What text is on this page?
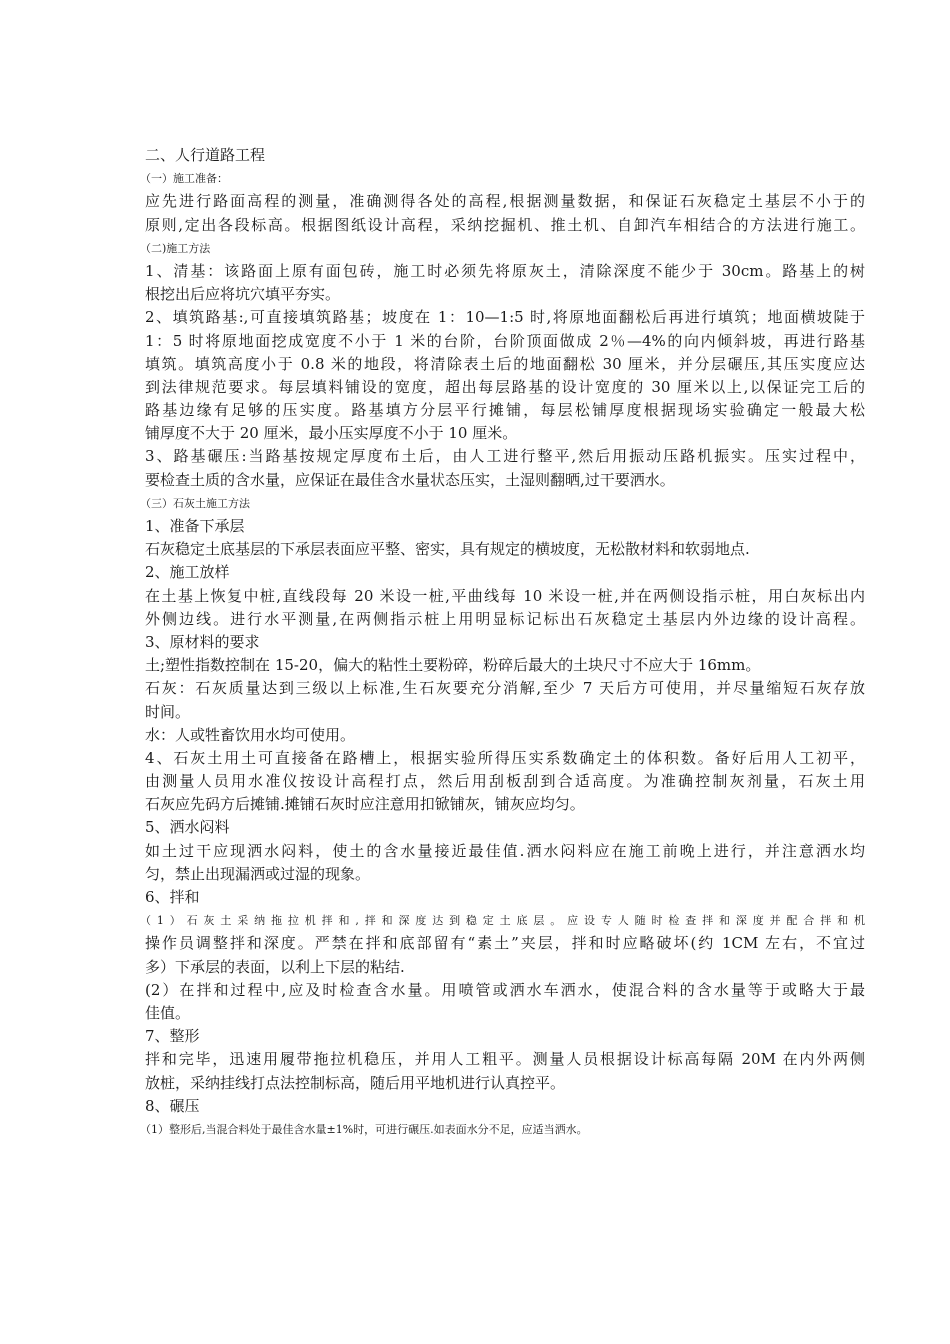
二、人行道路工程
（一）施工准备：
应先进行路面高程的测量，准确测得各处的高程,根据测量数据，和保证石灰稳定土基层不小于的
原则,定出各段标高。根据图纸设计高程，采纳挖掘机、推土机、自卸汽车相结合的方法进行施工。
（二)施工方法
1、清基：该路面上原有面包砖，施工时必须先将原灰土，清除深度不能少于 30cm。路基上的树
根挖出后应将坑穴填平夯实。
2、填筑路基:,可直接填筑路基；坡度在 1：10—1:5 时,将原地面翻松后再进行填筑；地面横坡陡于
1：5 时将原地面挖成宽度不小于 1 米的台阶，台阶顶面做成 2％—4%的向内倾斜坡，再进行路基
填筑。填筑高度小于 0.8 米的地段，将清除表土后的地面翻松 30 厘米，并分层碾压,其压实度应达
到法律规范要求。每层填料铺设的宽度，超出每层路基的设计宽度的 30 厘米以上,以保证完工后的
路基边缘有足够的压实度。路基填方分层平行摊铺，每层松铺厚度根据现场实验确定一般最大松
铺厚度不大于 20 厘米，最小压实厚度不小于 10 厘米。
3、路基碾压:当路基按规定厚度布土后，由人工进行整平,然后用振动压路机振实。压实过程中，
要检查土质的含水量，应保证在最佳含水量状态压实，土湿则翻晒,过干要洒水。
（三）石灰土施工方法
1、准备下承层
石灰稳定土底基层的下承层表面应平整、密实，具有规定的横坡度，无松散材料和软弱地点.
2、施工放样
在土基上恢复中桩,直线段每 20 米设一桩,平曲线每 10 米设一桩,并在两侧设指示桩，用白灰标出内
外侧边线。进行水平测量,在两侧指示桩上用明显标记标出石灰稳定土基层内外边缘的设计高程。
3、原材料的要求
土;塑性指数控制在 15-20，偏大的粘性土要粉碎，粉碎后最大的土块尺寸不应大于 16mm。
石灰：石灰质量达到三级以上标准,生石灰要充分消解,至少 7 天后方可使用，并尽量缩短石灰存放
时间。
水：人或牲畜饮用水均可使用。
4、石灰土用土可直接备在路槽上，根据实验所得压实系数确定土的体积数。备好后用人工初平，
由测量人员用水准仪按设计高程打点，然后用刮板刮到合适高度。为准确控制灰剂量，石灰土用
石灰应先码方后摊铺.摊铺石灰时应注意用扣锨铺灰，铺灰应均匀。
5、洒水闷料
如土过干应现洒水闷料，使土的含水量接近最佳值.洒水闷料应在施工前晚上进行，并注意洒水均
匀，禁止出现漏洒或过湿的现象。
6、拌和
（1）石灰土采纳拖拉机拌和,拌和深度达到稳定土底层。应设专人随时检查拌和深度并配合拌和机
操作员调整拌和深度。严禁在拌和底部留有“素土”夹层，拌和时应略破坏(约 1CM 左右，不宜过
多）下承层的表面，以利上下层的粘结.
(2）在拌和过程中,应及时检查含水量。用喷管或洒水车洒水，使混合料的含水量等于或略大于最
佳值。
7、整形
拌和完毕，迅速用履带拖拉机稳压，并用人工粗平。测量人员根据设计标高每隔 20M 在内外两侧
放桩，采纳挂线打点法控制标高，随后用平地机进行认真控平。
8、碾压
（1）整形后,当混合料处于最佳含水量±1%时，可进行碾压.如表面水分不足，应适当洒水。
